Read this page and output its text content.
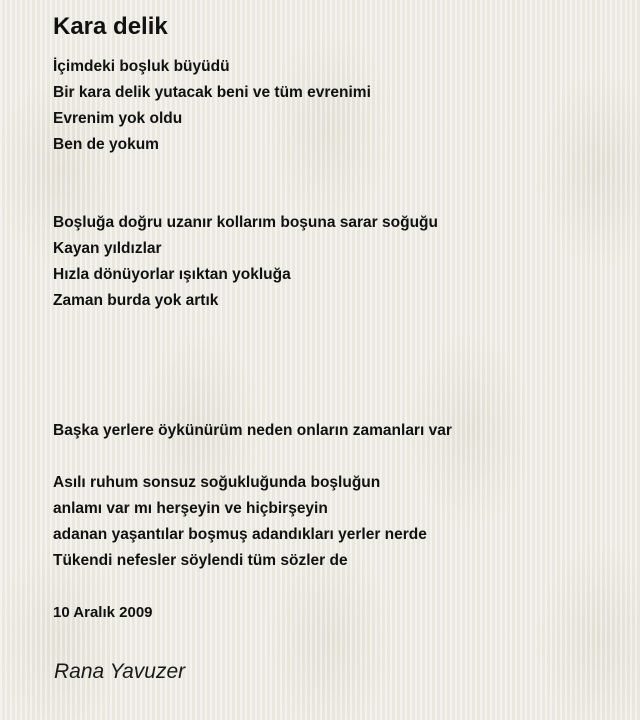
Kara delik
İçimdeki boşluk büyüdü
Bir kara delik yutacak beni ve tüm evrenimi
Evrenim yok oldu
Ben de yokum
Boşluğa doğru uzanır kollarım boşuna sarar soğuğu
Kayan yıldızlar
Hızla dönüyorlar ışıktan yokluğa
Zaman burda yok artık
Başka yerlere öykünürüm neden onların zamanları var
Asılı ruhum sonsuz soğukluğunda boşluğun
anlamı var mı herşeyin ve hiçbirşeyin
adanan yaşantılar boşmuş adandıkları yerler nerde
Tükendi nefesler söylendi tüm sözler de
10 Aralık 2009
Rana Yavuzer
